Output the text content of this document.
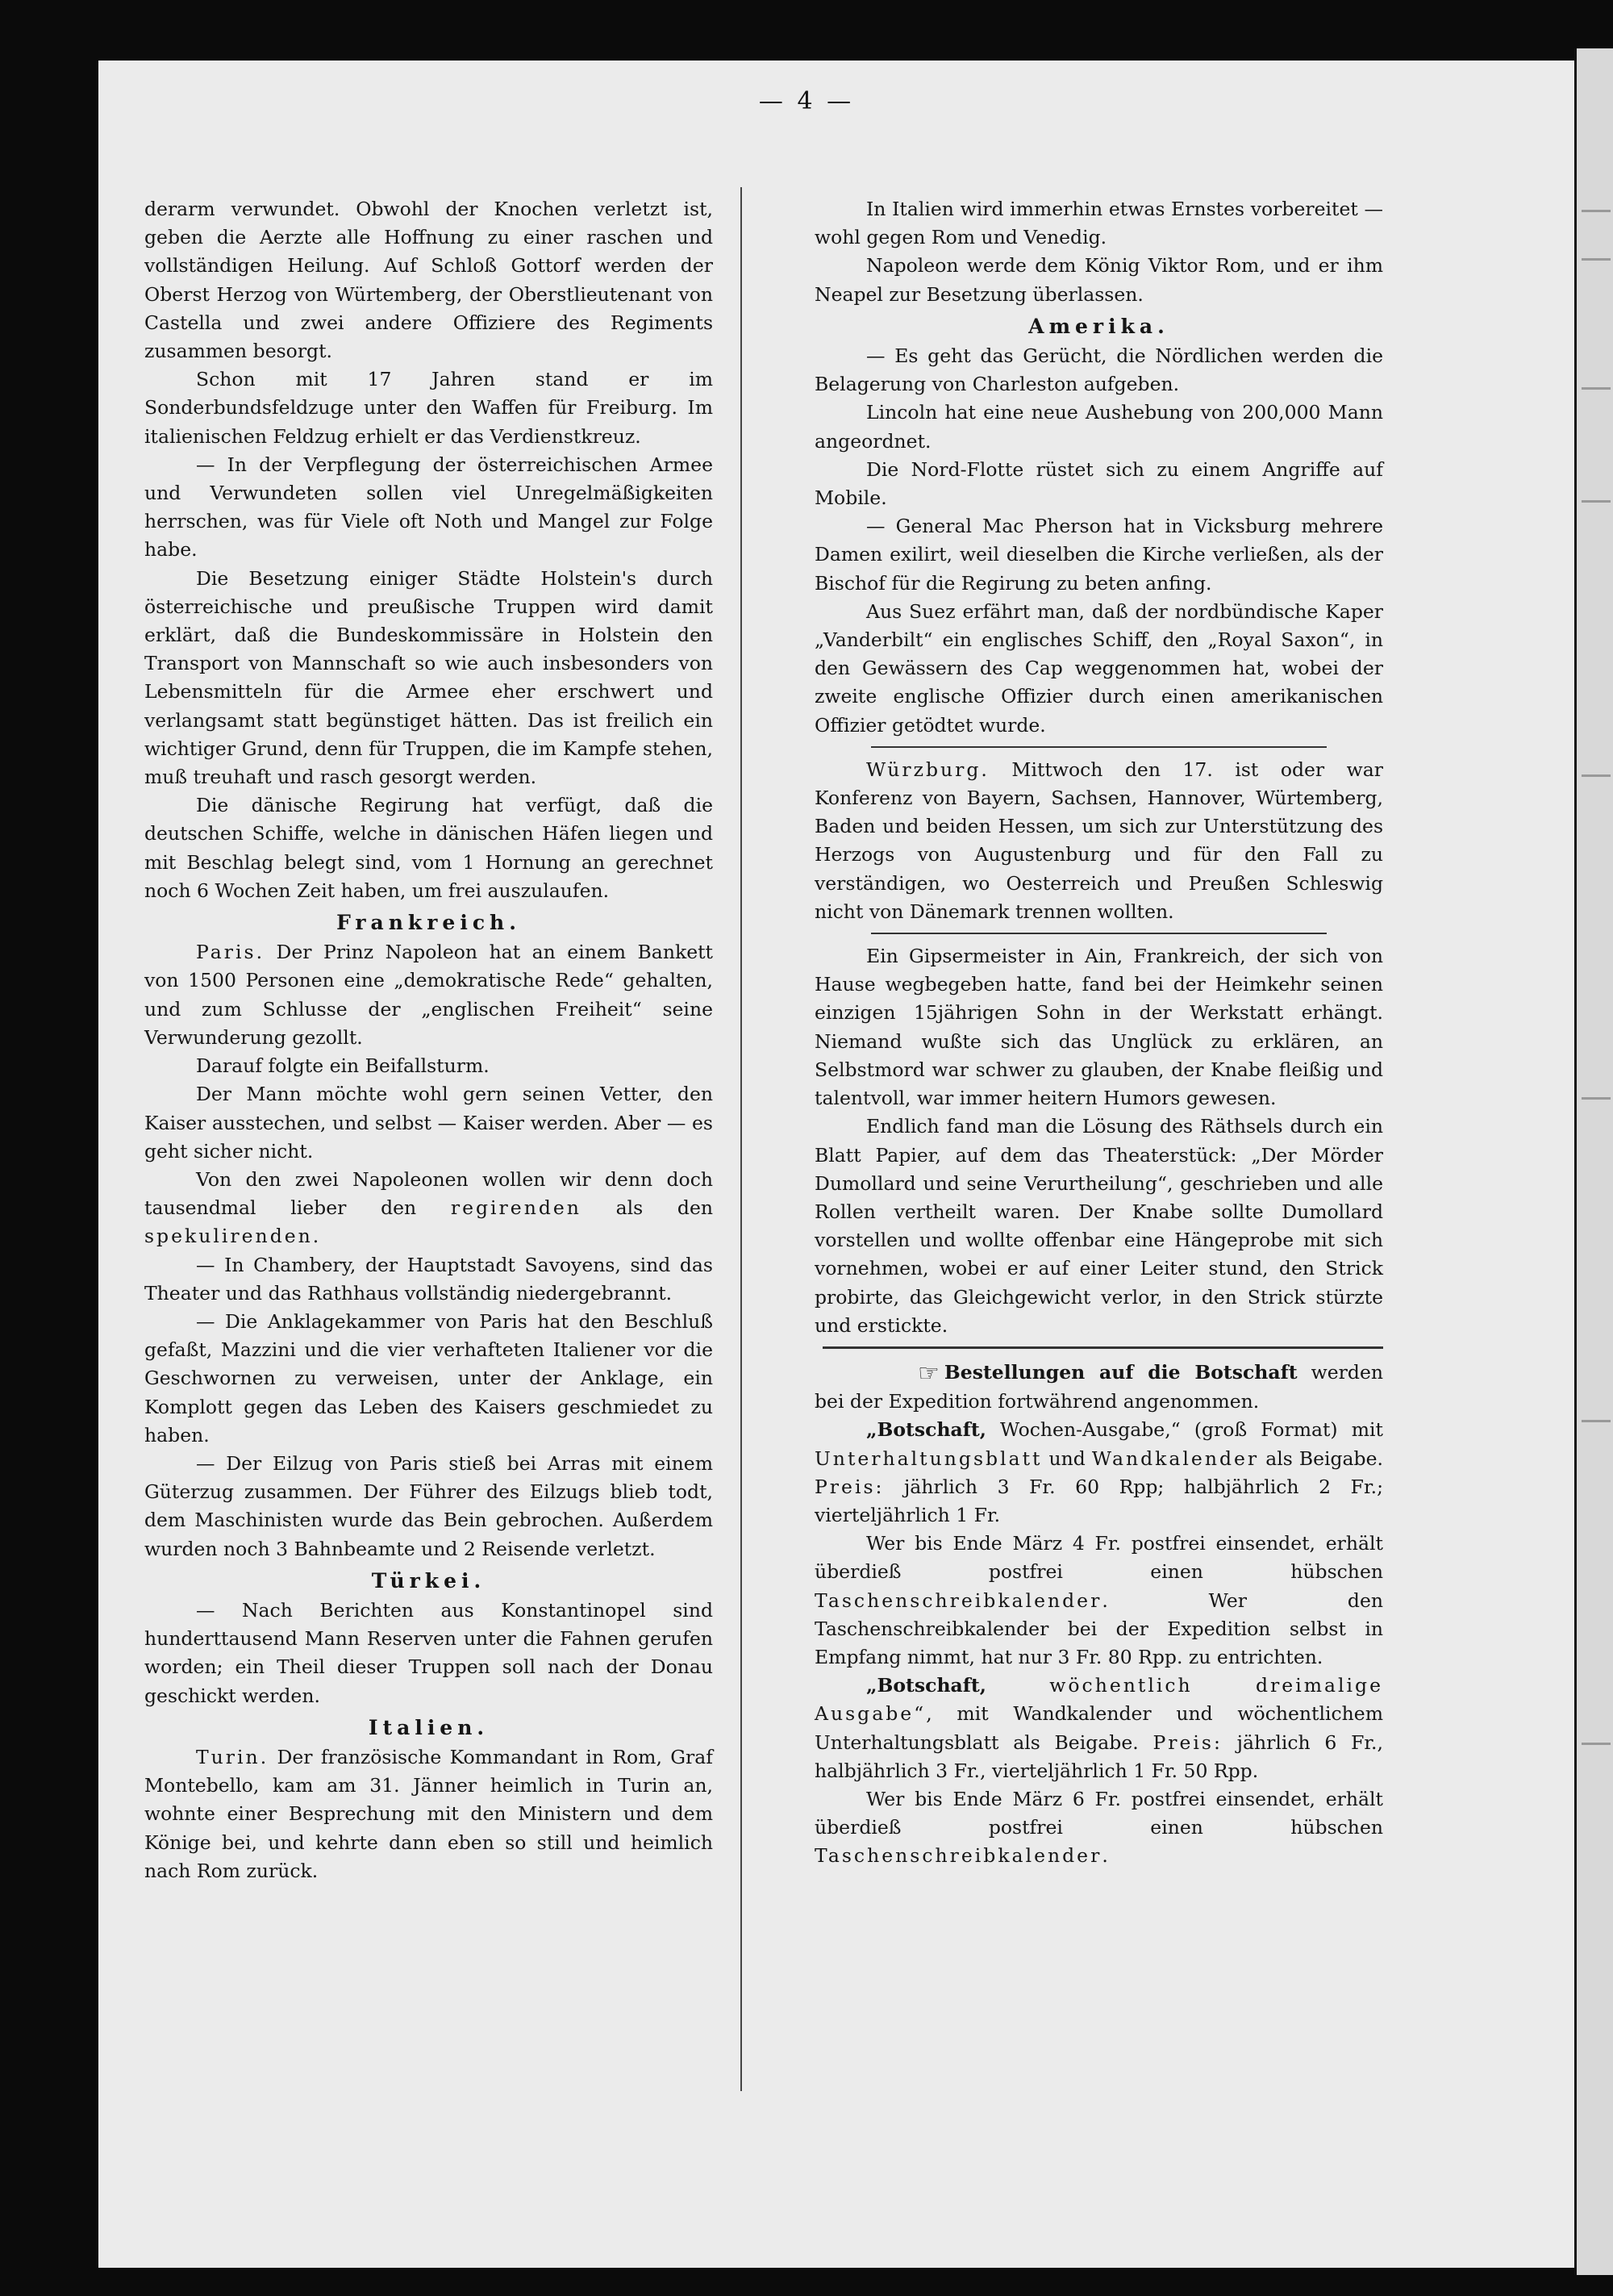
— 4 —

derarm verwundet. Obwohl der Knochen verletzt ist, geben die Aerzte alle Hoffnung zu einer raschen und vollständigen Heilung. Auf Schloß Gottorf werden der Oberst Herzog von Würtemberg, der Oberstlieutenant von Castella und zwei andere Offiziere des Regiments zusammen besorgt.

Schon mit 17 Jahren stand er im Sonderbundsfeldzuge unter den Waffen für Freiburg. Im italienischen Feldzug erhielt er das Verdienstkreuz.

— In der Verpflegung der österreichischen Armee und Verwundeten sollen viel Unregelmäßigkeiten herrschen, was für Viele oft Noth und Mangel zur Folge habe.

Die Besetzung einiger Städte Holstein's durch österreichische und preußische Truppen wird damit erklärt, daß die Bundeskommissäre in Holstein den Transport von Mannschaft so wie auch insbesonders von Lebensmitteln für die Armee eher erschwert und verlangsamt statt begünstiget hätten. Das ist freilich ein wichtiger Grund, denn für Truppen, die im Kampfe stehen, muß treuhaft und rasch gesorgt werden.

Die dänische Regirung hat verfügt, daß die deutschen Schiffe, welche in dänischen Häfen liegen und mit Beschlag belegt sind, vom 1 Hornung an gerechnet noch 6 Wochen Zeit haben, um frei auszulaufen.

Frankreich.

Paris. Der Prinz Napoleon hat an einem Bankett von 1500 Personen eine „demokratische Rede“ gehalten, und zum Schlusse der „englischen Freiheit“ seine Verwunderung gezollt.

Darauf folgte ein Beifallsturm.

Der Mann möchte wohl gern seinen Vetter, den Kaiser ausstechen, und selbst — Kaiser werden. Aber — es geht sicher nicht.

Von den zwei Napoleonen wollen wir denn doch tausendmal lieber den regirenden als den spekulirenden.

— In Chambery, der Hauptstadt Savoyens, sind das Theater und das Rathhaus vollständig niedergebrannt.

— Die Anklagekammer von Paris hat den Beschluß gefaßt, Mazzini und die vier verhafteten Italiener vor die Geschwornen zu verweisen, unter der Anklage, ein Komplott gegen das Leben des Kaisers geschmiedet zu haben.

— Der Eilzug von Paris stieß bei Arras mit einem Güterzug zusammen. Der Führer des Eilzugs blieb todt, dem Maschinisten wurde das Bein gebrochen. Außerdem wurden noch 3 Bahnbeamte und 2 Reisende verletzt.

Türkei.

— Nach Berichten aus Konstantinopel sind hunderttausend Mann Reserven unter die Fahnen gerufen worden; ein Theil dieser Truppen soll nach der Donau geschickt werden.

Italien.

Turin. Der französische Kommandant in Rom, Graf Montebello, kam am 31. Jänner heimlich in Turin an, wohnte einer Besprechung mit den Ministern und dem Könige bei, und kehrte dann eben so still und heimlich nach Rom zurück.

In Italien wird immerhin etwas Ernstes vorbereitet — wohl gegen Rom und Venedig.

Napoleon werde dem König Viktor Rom, und er ihm Neapel zur Besetzung überlassen.

Amerika.

— Es geht das Gerücht, die Nördlichen werden die Belagerung von Charleston aufgeben.

Lincoln hat eine neue Aushebung von 200,000 Mann angeordnet.

Die Nord-Flotte rüstet sich zu einem Angriffe auf Mobile.

— General Mac Pherson hat in Vicksburg mehrere Damen exilirt, weil dieselben die Kirche verließen, als der Bischof für die Regirung zu beten anfing.

Aus Suez erfährt man, daß der nordbündische Kaper „Vanderbilt“ ein englisches Schiff, den „Royal Saxon“, in den Gewässern des Cap weggenommen hat, wobei der zweite englische Offizier durch einen amerikanischen Offizier getödtet wurde.

Würzburg. Mittwoch den 17. ist oder war Konferenz von Bayern, Sachsen, Hannover, Würtemberg, Baden und beiden Hessen, um sich zur Unterstützung des Herzogs von Augustenburg und für den Fall zu verständigen, wo Oesterreich und Preußen Schleswig nicht von Dänemark trennen wollten.

Ein Gipsermeister in Ain, Frankreich, der sich von Hause wegbegeben hatte, fand bei der Heimkehr seinen einzigen 15jährigen Sohn in der Werkstatt erhängt. Niemand wußte sich das Unglück zu erklären, an Selbstmord war schwer zu glauben, der Knabe fleißig und talentvoll, war immer heitern Humors gewesen.

Endlich fand man die Lösung des Räthsels durch ein Blatt Papier, auf dem das Theaterstück: „Der Mörder Dumollard und seine Verurtheilung“, geschrieben und alle Rollen vertheilt waren. Der Knabe sollte Dumollard vorstellen und wollte offenbar eine Hängeprobe mit sich vornehmen, wobei er auf einer Leiter stund, den Strick probirte, das Gleichgewicht verlor, in den Strick stürzte und erstickte.

☞ Bestellungen auf die Botschaft werden bei der Expedition fortwährend angenommen.

„Botschaft, Wochen-Ausgabe,“ (groß Format) mit Unterhaltungsblatt und Wandkalender als Beigabe. Preis: jährlich 3 Fr. 60 Rpp; halbjährlich 2 Fr.; vierteljährlich 1 Fr.

Wer bis Ende März 4 Fr. postfrei einsendet, erhält überdieß postfrei einen hübschen Taschenschreibkalender. Wer den Taschenschreibkalender bei der Expedition selbst in Empfang nimmt, hat nur 3 Fr. 80 Rpp. zu entrichten.

„Botschaft, wöchentlich dreimalige Ausgabe“, mit Wandkalender und wöchentlichem Unterhaltungsblatt als Beigabe. Preis: jährlich 6 Fr., halbjährlich 3 Fr., vierteljährlich 1 Fr. 50 Rpp.

Wer bis Ende März 6 Fr. postfrei einsendet, erhält überdieß postfrei einen hübschen Taschenschreibkalender.
